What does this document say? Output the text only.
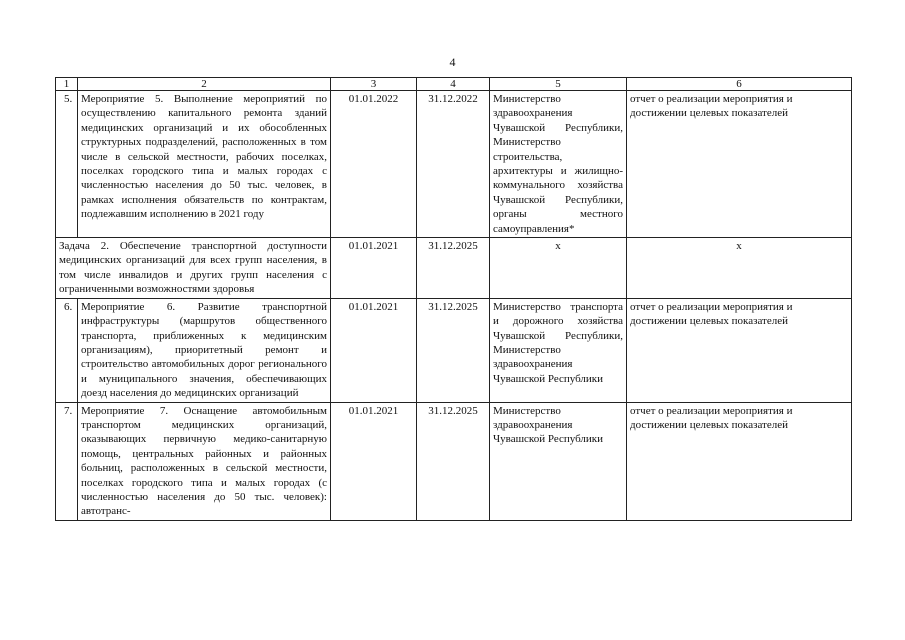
4
1	2	3	4	5	6
5.	Мероприятие 5. Выполнение мероприятий по осуществлению капитального ремонта зданий медицинских организаций и их обособленных структурных подразделений, расположенных в том числе в сельской местности, рабочих поселках, поселках городского типа и малых городах с численностью населения до 50 тыс. человек, в рамках исполнения обязательств по контрактам, подлежавшим исполнению в 2021 году	01.01.2022	31.12.2022	Министерство здравоохранения Чувашской Республики, Министерство строительства, архитектуры и жилищно-коммунального хозяйства Чувашской Республики, органы местного самоуправления*	отчет о реализации мероприятия и достижении целевых показателей
Задача 2. Обеспечение транспортной доступности медицинских организаций для всех групп населения, в том числе инвалидов и других групп населения с ограниченными возможностями здоровья		01.01.2021	31.12.2025	x	x
6.	Мероприятие 6. Развитие транспортной инфраструктуры (маршрутов общественного транспорта, приближенных к медицинским организациям), приоритетный ремонт и строительство автомобильных дорог регионального и муниципального значения, обеспечивающих доезд населения до медицинских организаций	01.01.2021	31.12.2025	Министерство транспорта и дорожного хозяйства Чувашской Республики, Министерство здравоохранения Чувашской Республики	отчет о реализации мероприятия и достижении целевых показателей
7.	Мероприятие 7. Оснащение автомобильным транспортом медицинских организаций, оказывающих первичную медико-санитарную помощь, центральных районных и районных больниц, расположенных в сельской местности, поселках городского типа и малых городах (с численностью населения до 50 тыс. человек): автотранс-	01.01.2021	31.12.2025	Министерство здравоохранения Чувашской Республики	отчет о реализации мероприятия и достижении целевых показателей
